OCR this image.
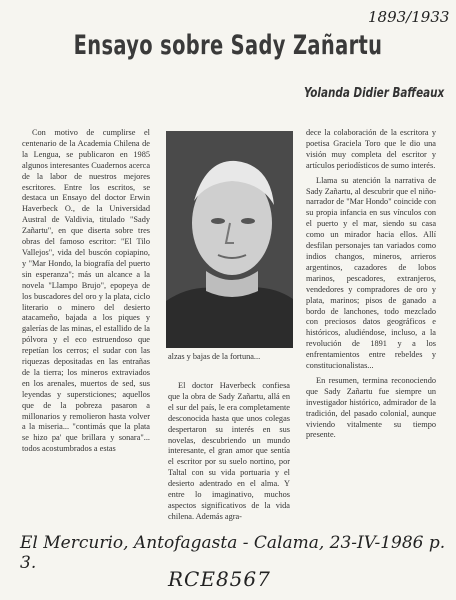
1893/1933
Ensayo sobre Sady Zañartu
Yolanda Didier Baffeaux

Con motivo de cumplirse el centenario de la Academia Chilena de la Lengua, se publicaron en 1985 algunos interesantes Cuadernos acerca de la labor de nuestros mejores escritores. Entre los escritos, se destaca un Ensayo del doctor Erwin Haverbeck O., de la Universidad Austral de Valdivia, titulado "Sady Zañartu", en que diserta sobre tres obras del famoso escritor: "El Tilo Vallejos", vida del buscón copiapino, y "Mar Hondo, la biografía del puerto sin esperanza"; más un alcance a la novela "Llampo Brujo", epopeya de los buscadores del oro y la plata, ciclo literario o minero del desierto atacameño, bajada a los piques y galerías de las minas, el estallido de la pólvora y el eco estruendoso que repetían los cerros; el sudar con las riquezas depositadas en las entrañas de la tierra; los mineros extraviados en los arenales, muertos de sed, sus leyendas y supersticiones; aquellos que de la pobreza pasaron a millonarios y remolieron hasta volver a la miseria... "contimás que la plata se hizo pa' que brillara y sonara"... todos acostumbrados a estas

alzas y bajas de la fortuna...

El doctor Haverbeck confiesa que la obra de Sady Zañartu, allá en el sur del país, le era completamente desconocida hasta que unos colegas despertaron su interés en sus novelas, descubriendo un mundo interesante, el gran amor que sentía el escritor por su suelo nortino, por Taltal con su vida portuaria y el desierto adentrado en el alma. Y entre lo imaginativo, muchos aspectos significativos de la vida chilena. Además agra-

dece la colaboración de la escritora y poetisa Graciela Toro que le dio una visión muy completa del escritor y artículos periodísticos de sumo interés.

Llama su atención la narrativa de Sady Zañartu, al descubrir que el niño-narrador de "Mar Hondo" coincide con su propia infancia en sus vínculos con el puerto y el mar, siendo su casa como un mirador hacia ellos. Allí desfilan personajes tan variados como indios changos, mineros, arrieros argentinos, cazadores de lobos marinos, pescadores, extranjeros, vendedores y compradores de oro y plata, marinos; pisos de ganado a bordo de lanchones, todo mezclado con preciosos datos geográficos e históricos, aludiéndose, incluso, a la revolución de 1891 y a los enfrentamientos entre rebeldes y constitucionalistas...

En resumen, termina reconociendo que Sady Zañartu fue siempre un investigador histórico, admirador de la tradición, del pasado colonial, aunque viviendo vitalmente su tiempo presente.

El Mercurio, Antofagasta - Calama, 23-IV-1986 p. 3.
RCE8567
